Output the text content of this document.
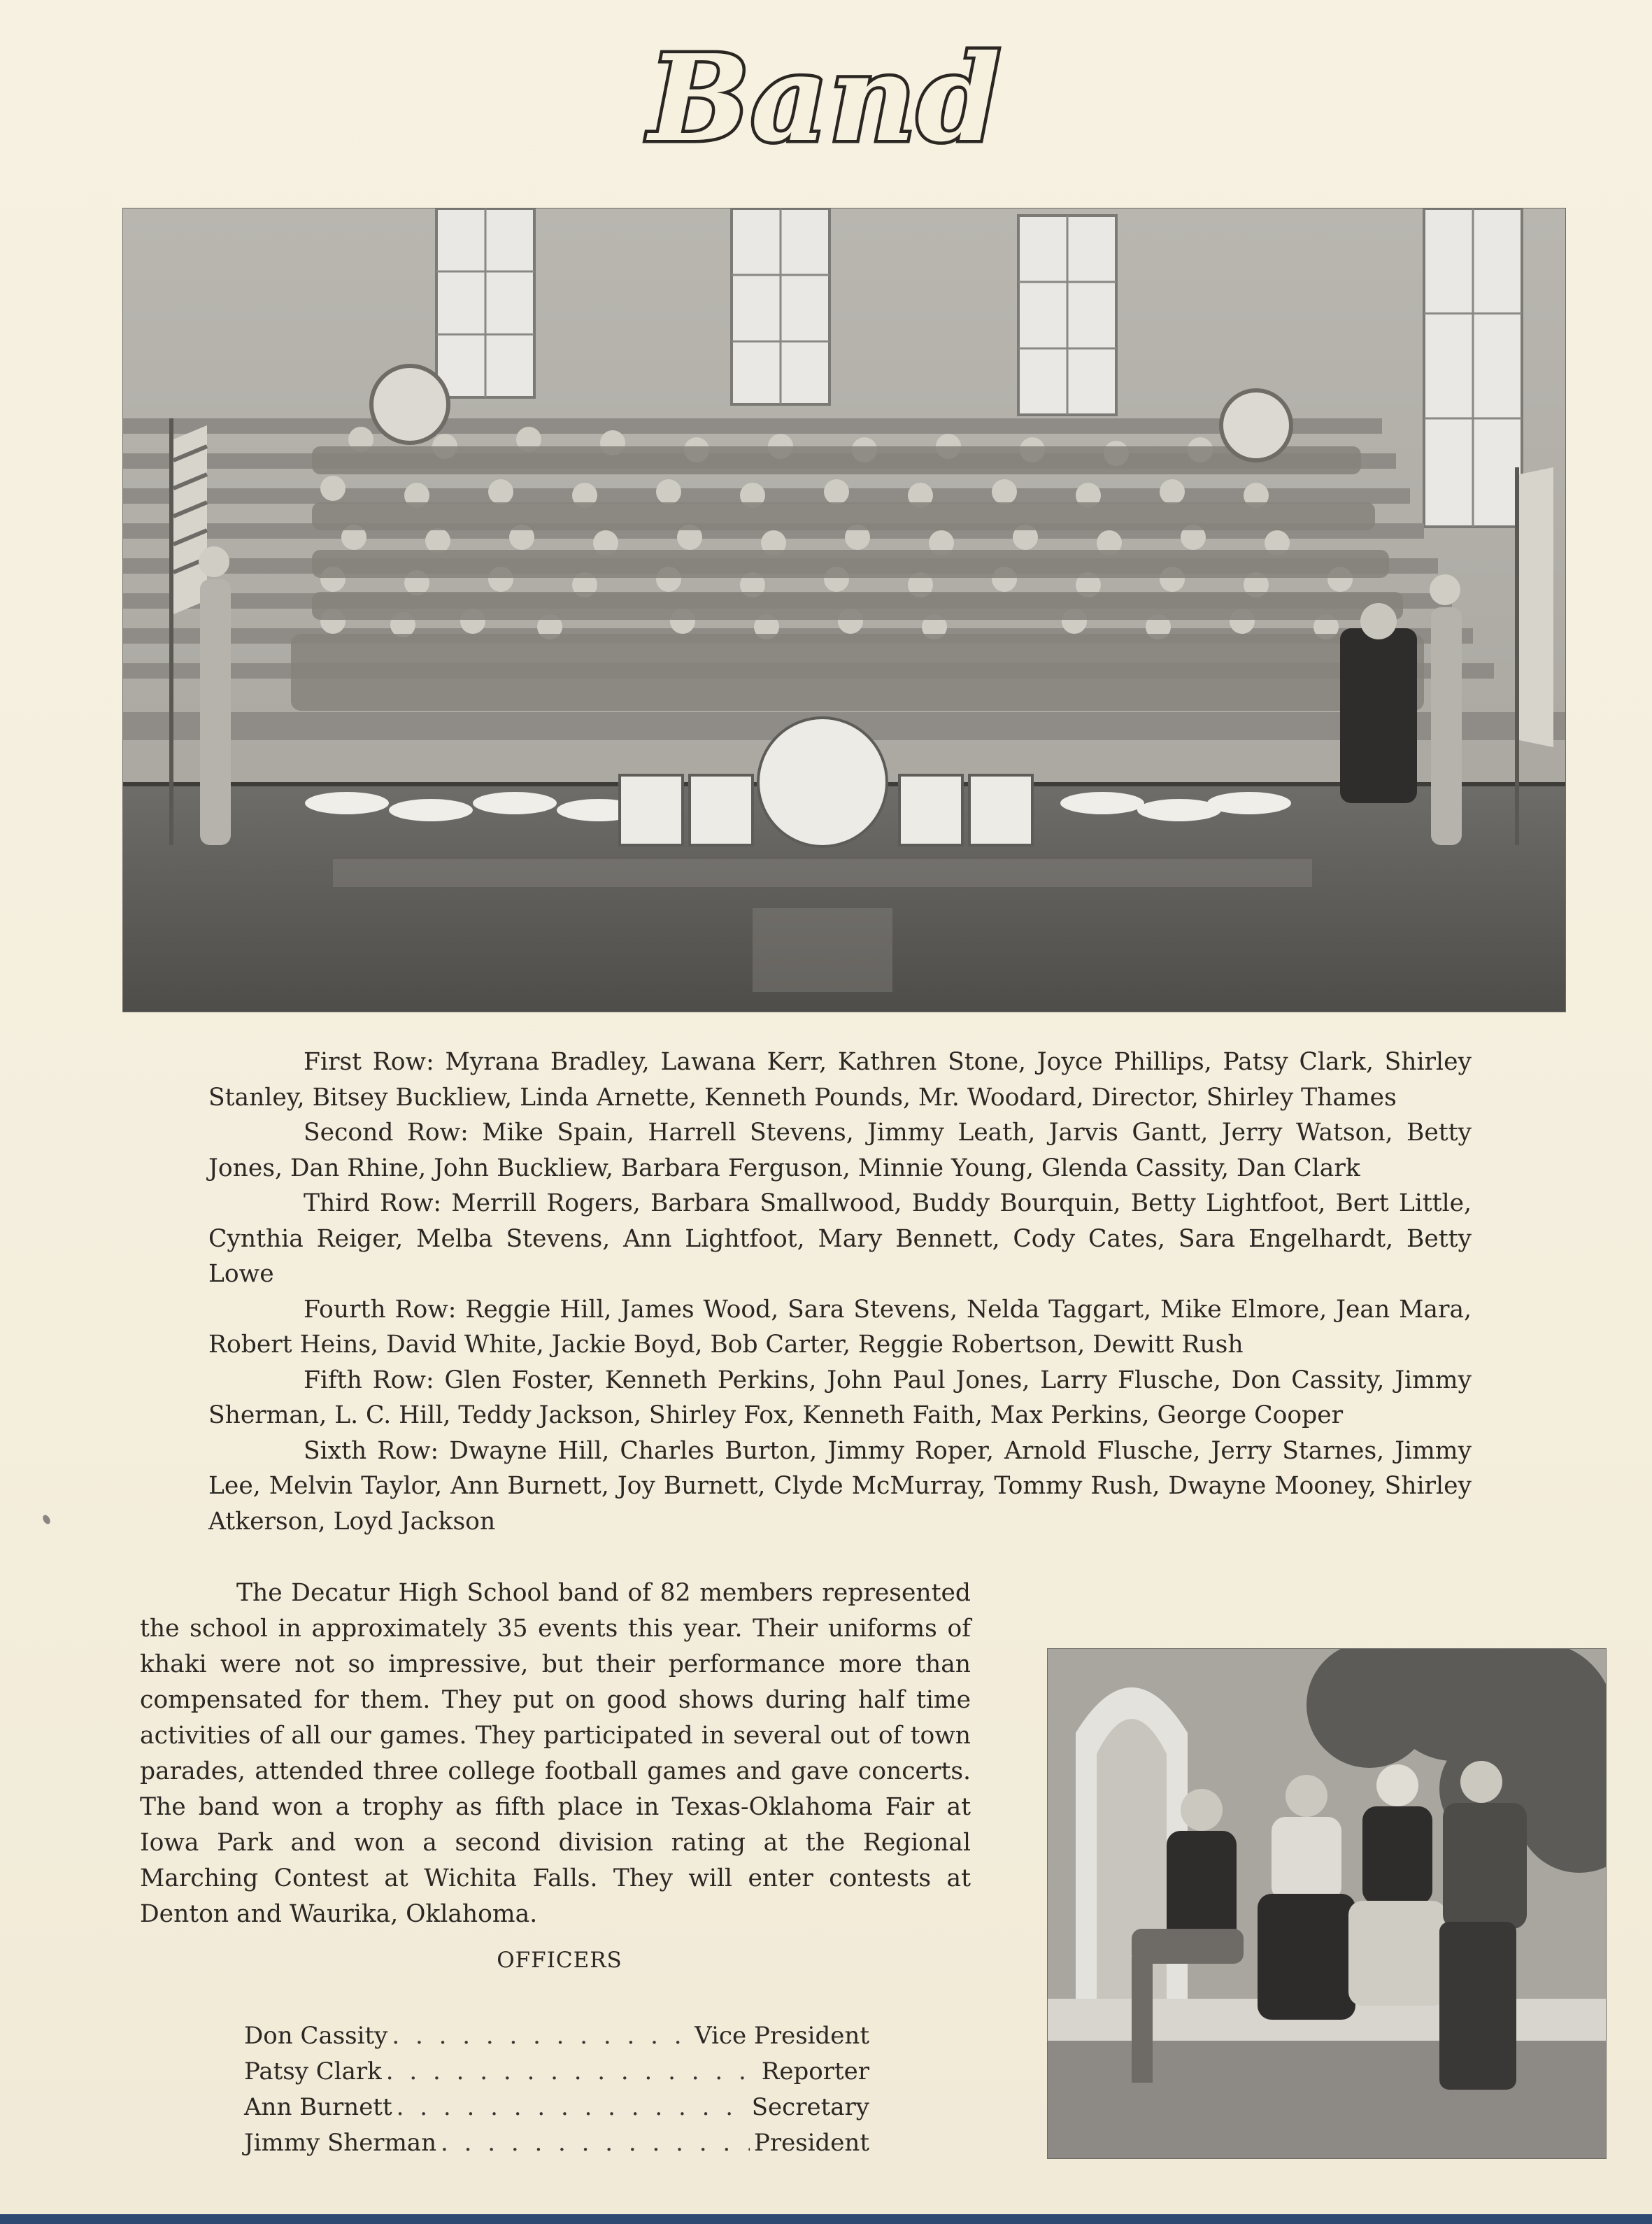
Band

First Row: Myrana Bradley, Lawana Kerr, Kathren Stone, Joyce Phillips, Patsy Clark, Shirley Stanley, Bitsey Buckliew, Linda Arnette, Kenneth Pounds, Mr. Woodard, Director, Shirley Thames

Second Row: Mike Spain, Harrell Stevens, Jimmy Leath, Jarvis Gantt, Jerry Watson, Betty Jones, Dan Rhine, John Buckliew, Barbara Ferguson, Minnie Young, Glenda Cassity, Dan Clark

Third Row: Merrill Rogers, Barbara Smallwood, Buddy Bourquin, Betty Lightfoot, Bert Little, Cynthia Reiger, Melba Stevens, Ann Lightfoot, Mary Bennett, Cody Cates, Sara Engelhardt, Betty Lowe

Fourth Row: Reggie Hill, James Wood, Sara Stevens, Nelda Taggart, Mike Elmore, Jean Mara, Robert Heins, David White, Jackie Boyd, Bob Carter, Reggie Robertson, Dewitt Rush

Fifth Row: Glen Foster, Kenneth Perkins, John Paul Jones, Larry Flusche, Don Cassity, Jimmy Sherman, L. C. Hill, Teddy Jackson, Shirley Fox, Kenneth Faith, Max Perkins, George Cooper

Sixth Row: Dwayne Hill, Charles Burton, Jimmy Roper, Arnold Flusche, Jerry Starnes, Jimmy Lee, Melvin Taylor, Ann Burnett, Joy Burnett, Clyde McMurray, Tommy Rush, Dwayne Mooney, Shirley Atkerson, Loyd Jackson

The Decatur High School band of 82 members represented the school in approximately 35 events this year. Their uniforms of khaki were not so impressive, but their performance more than compensated for them. They put on good shows during half time activities of all our games. They participated in several out of town parades, attended three college football games and gave concerts. The band won a trophy as fifth place in Texas-Oklahoma Fair at Iowa Park and won a second division rating at the Regional Marching Contest at Wichita Falls. They will enter contests at Denton and Waurika, Oklahoma.

OFFICERS
Don Cassity . . .	Vice President
Patsy Clark . . .	Reporter
Ann Burnett . . .	Secretary
Jimmy Sherman . . .	President
